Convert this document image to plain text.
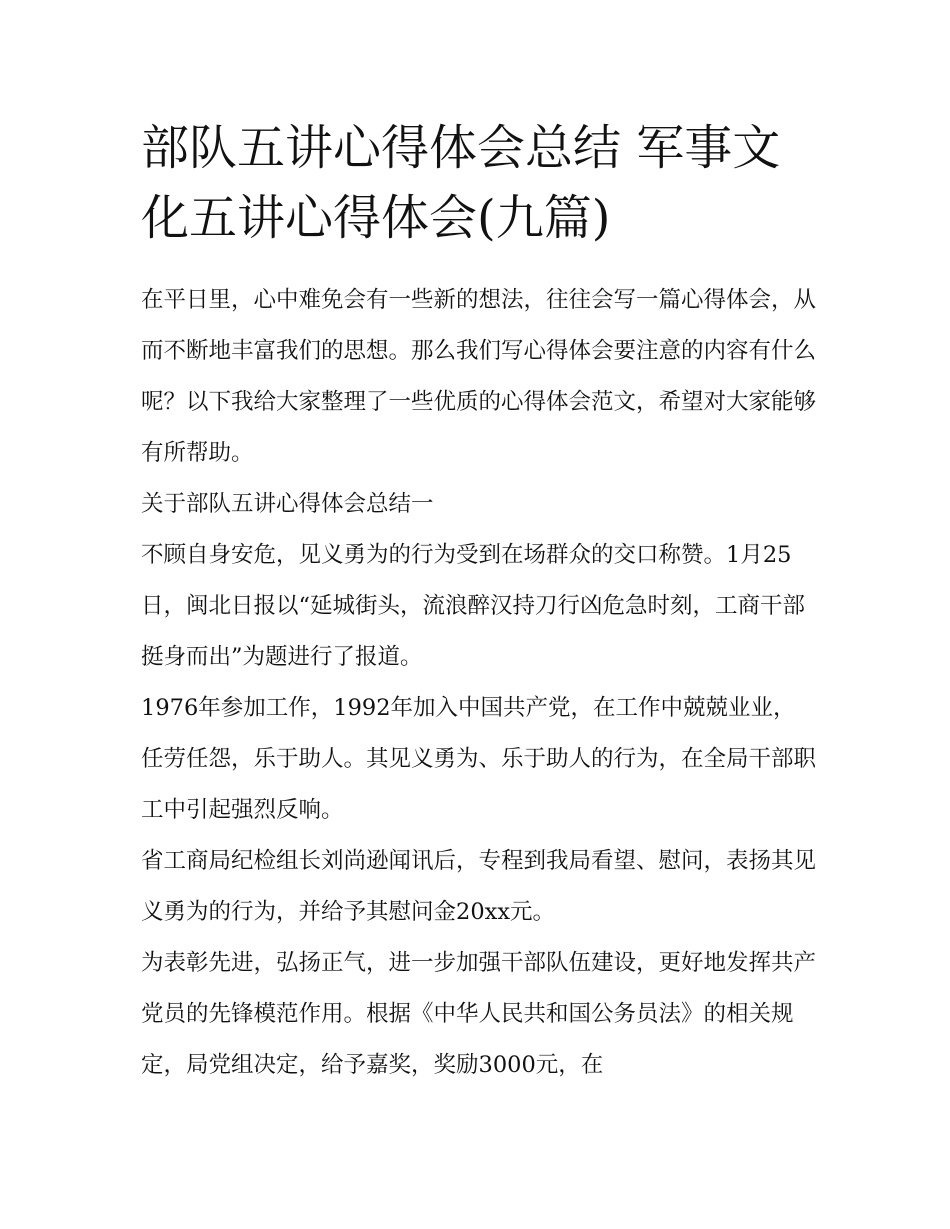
部队五讲心得体会总结 军事文化五讲心得体会(九篇)

在平日里，心中难免会有一些新的想法，往往会写一篇心得体会，从而不断地丰富我们的思想。那么我们写心得体会要注意的内容有什么呢？以下我给大家整理了一些优质的心得体会范文，希望对大家能够有所帮助。

关于部队五讲心得体会总结一

不顾自身安危，见义勇为的行为受到在场群众的交口称赞。1月25日，闽北日报以“延城街头，流浪醉汉持刀行凶危急时刻，工商干部挺身而出”为题进行了报道。

1976年参加工作，1992年加入中国共产党，在工作中兢兢业业，任劳任怨，乐于助人。其见义勇为、乐于助人的行为，在全局干部职工中引起强烈反响。

省工商局纪检组长刘尚逊闻讯后，专程到我局看望、慰问，表扬其见义勇为的行为，并给予其慰问金20xx元。

为表彰先进，弘扬正气，进一步加强干部队伍建设，更好地发挥共产党员的先锋模范作用。根据《中华人民共和国公务员法》的相关规定，局党组决定，给予嘉奖，奖励3000元，在
